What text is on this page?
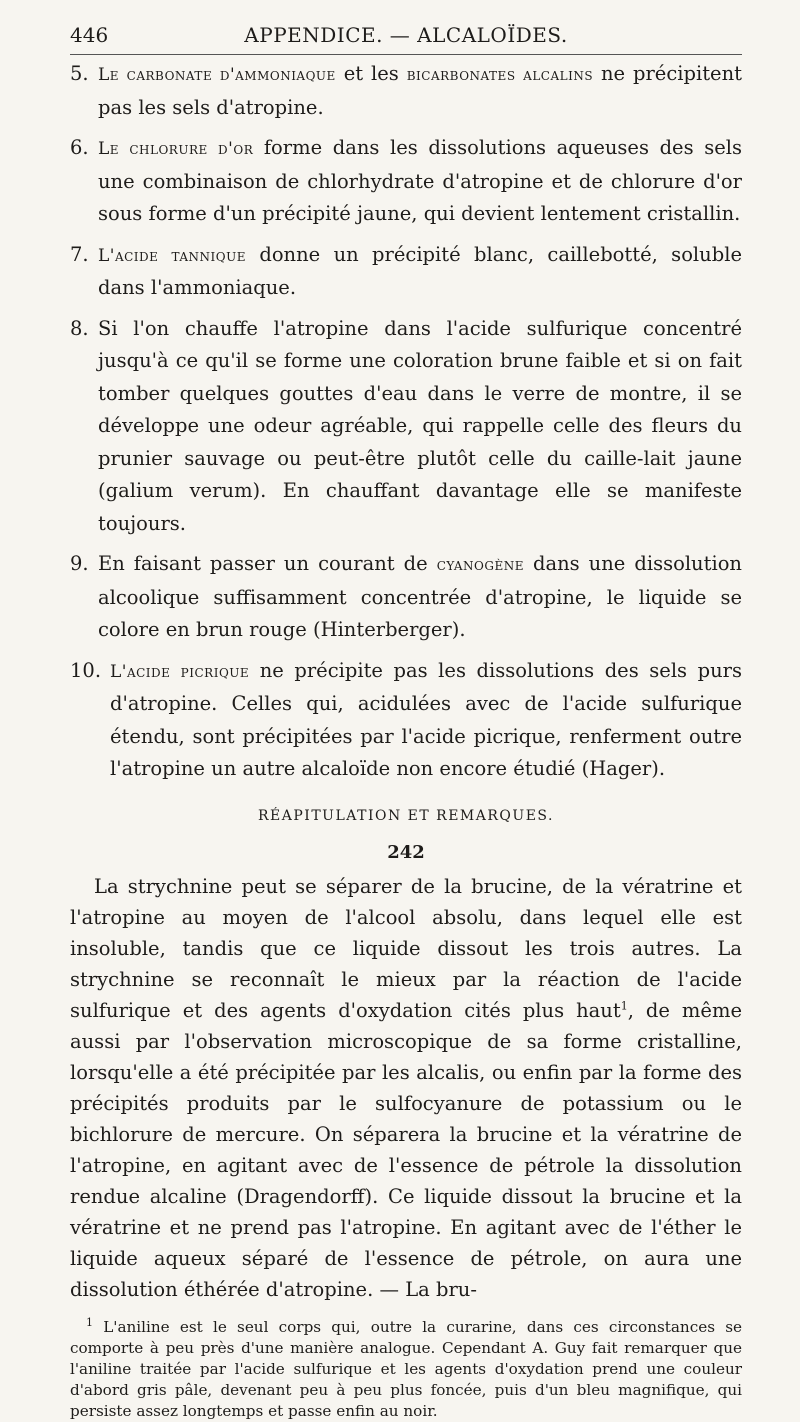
446	APPENDICE. — ALCALOÏDES.
5. Le carbonate d'ammoniaque et les bicarbonates alcalins ne précipitent pas les sels d'atropine.
6. Le chlorure d'or forme dans les dissolutions aqueuses des sels une combinaison de chlorhydrate d'atropine et de chlorure d'or sous forme d'un précipité jaune, qui devient lentement cristallin.
7. L'acide tannique donne un précipité blanc, caillebotté, soluble dans l'ammoniaque.
8. Si l'on chauffe l'atropine dans l'acide sulfurique concentré jusqu'à ce qu'il se forme une coloration brune faible et si on fait tomber quelques gouttes d'eau dans le verre de montre, il se développe une odeur agréable, qui rappelle celle des fleurs du prunier sauvage ou peut-être plutôt celle du caille-lait jaune (galium verum). En chauffant davantage elle se manifeste toujours.
9. En faisant passer un courant de cyanogène dans une dissolution alcoolique suffisamment concentrée d'atropine, le liquide se colore en brun rouge (Hinterberger).
10. L'acide picrique ne précipite pas les dissolutions des sels purs d'atropine. Celles qui, acidulées avec de l'acide sulfurique étendu, sont précipitées par l'acide picrique, renferment outre l'atropine un autre alcaloïde non encore étudié (Hager).
RÉAPITULATION ET REMARQUES.
242

La strychnine peut se séparer de la brucine, de la vératrine et l'atropine au moyen de l'alcool absolu, dans lequel elle est insoluble, tandis que ce liquide dissout les trois autres. La strychnine se reconnaît le mieux par la réaction de l'acide sulfurique et des agents d'oxydation cités plus haut$^1$, de même aussi par l'observation microscopique de sa forme cristalline, lorsqu'elle a été précipitée par les alcalis, ou enfin par la forme des précipités produits par le sulfocyanure de potassium ou le bichlorure de mercure. On séparera la brucine et la vératrine de l'atropine, en agitant avec de l'essence de pétrole la dissolution rendue alcaline (Dragendorff). Ce liquide dissout la brucine et la vératrine et ne prend pas l'atropine. En agitant avec de l'éther le liquide aqueux séparé de l'essence de pétrole, on aura une dissolution éthérée d'atropine. — La bru-

$^1$ L'aniline est le seul corps qui, outre la curarine, dans ces circonstances se comporte à peu près d'une manière analogue. Cependant A. Guy fait remarquer que l'aniline traitée par l'acide sulfurique et les agents d'oxydation prend une couleur d'abord gris pâle, devenant peu à peu plus foncée, puis d'un bleu magnifique, qui persiste assez longtemps et passe enfin au noir.
